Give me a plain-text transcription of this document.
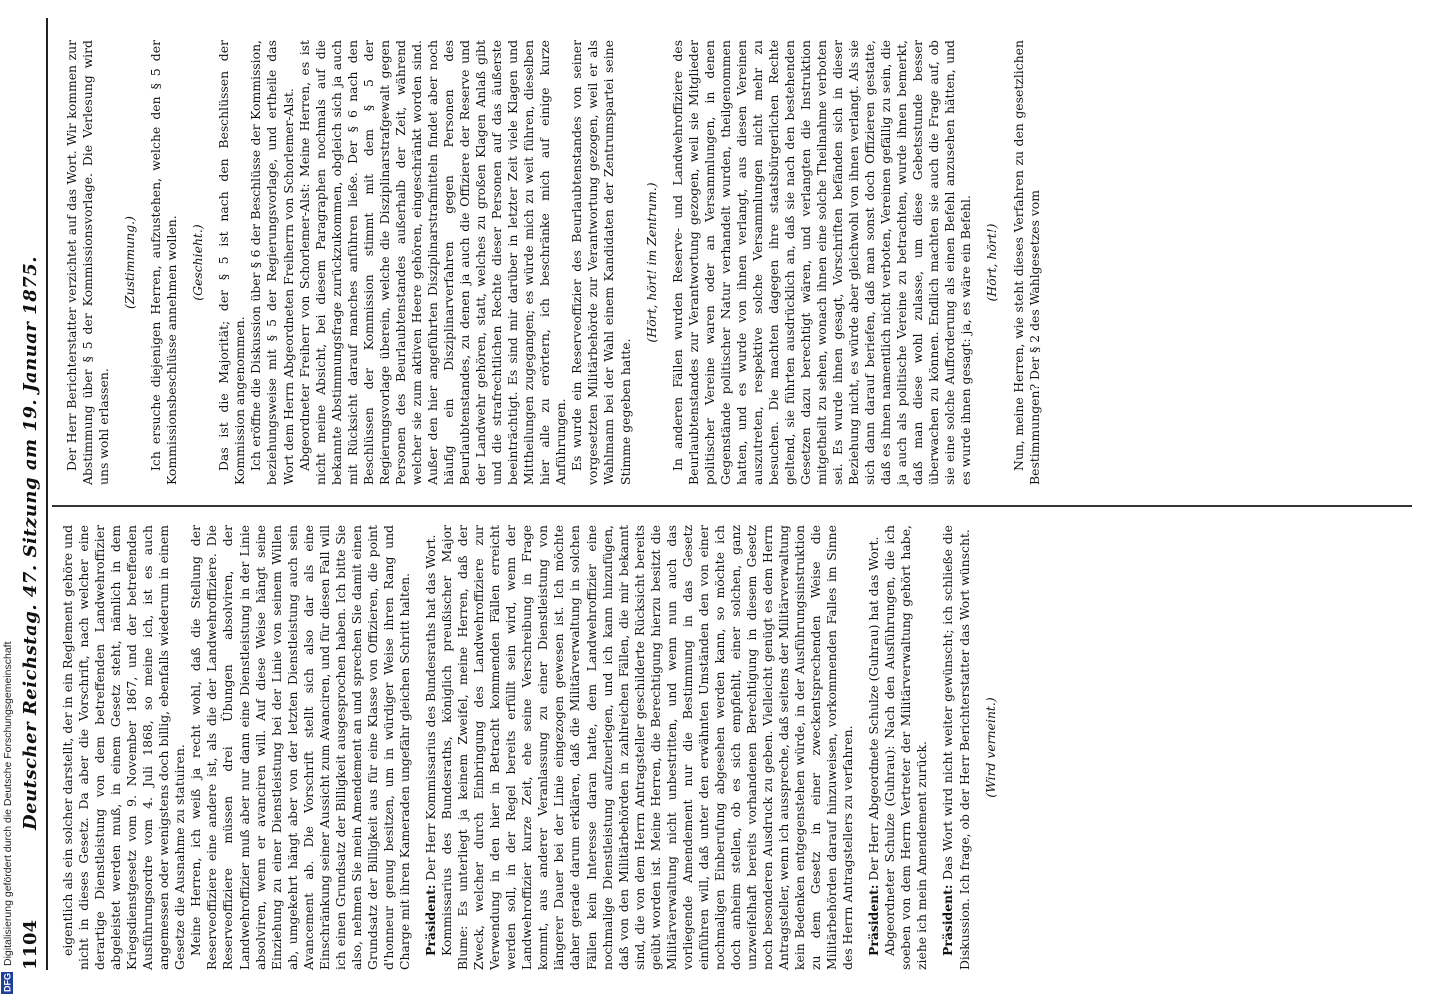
1104
Deutscher Reichstag. 47. Sitzung am 19. Januar 1875. eigentlich als ein solcher darstellt, der in ein Reglement gehöre und nicht in dieses Gesetz. Da aber die Vorschrift, nach welcher eine derartige Dienstleistung von dem betreffenden Landwehroffizier abgeleistet werden muß, in einem Gesetz steht, nämlich in dem Kriegsdienstgesetz vom 9. November 1867, und der betreffenden Ausführungsordre vom 4. Juli 1868, so meine ich, ist es auch angemessen oder wenigstens doch billig, ebenfalls wiederum in einem Gesetze die Ausnahme zu statuiren. Meine Herren, ich weiß ja recht wohl, daß die Stellung der Reserveoffiziere eine andere ist, als die der Landwehroffiziere. Die Reserveoffiziere müssen drei Übungen absolviren, der Landwehroffizier muß aber nur dann eine Dienstleistung in der Linie absolviren, wenn er avanciren will. Auf diese Weise hängt seine Einziehung zu einer Dienstleistung bei der Linie von seinem Willen ab, umgekehrt hängt aber von der letzten Dienstleistung auch sein Avancement ab. Die Vorschrift stellt sich also dar als eine Einschränkung seiner Aussicht zum Avanciren, und für diesen Fall will ich einen Grundsatz der Billigkeit ausgesprochen haben. Ich bitte Sie also, nehmen Sie mein Amendement an und sprechen Sie damit einen Grundsatz der Billigkeit aus für eine Klasse von Offizieren, die point d'honneur genug besitzen, um in würdiger Weise ihren Rang und Charge mit ihren Kameraden ungefähr gleichen Schritt halten. Präsident: Der Herr Kommissarius des Bundesraths hat das Wort. Kommissarius des Bundesraths, königlich preußischer Major Blume: Es unterliegt ja keinem Zweifel, meine Herren, daß der Zweck, welcher durch Einbringung des Landwehroffiziere zur Verwendung in den hier in Betracht kommenden Fällen erreicht werden soll, in der Regel bereits erfüllt sein wird, wenn der Landwehroffizier kurze Zeit, ehe seine Verschreibung in Frage kommt, aus anderer Veranlassung zu einer Dienstleistung von längerer Dauer bei der Linie eingezogen gewesen ist. Ich möchte daher gerade darum erklären, daß die Militärverwaltung in solchen Fällen kein Interesse daran hatte, dem Landwehroffizier eine nochmalige Dienstleistung aufzuerlegen, und ich kann hinzufügen, daß von den Militärbehörden in zahlreichen Fällen, die mir bekannt sind, die von dem Herrn Antragsteller geschilderte Rücksicht bereits geübt worden ist. Meine Herren, die Berechtigung hierzu besitzt die Militärverwaltung nicht unbestritten, und wenn nun auch das vorliegende Amendement nur die Bestimmung in das Gesetz einführen will, daß unter den erwähnten Umständen den von einer nochmaligen Einberufung abgesehen werden kann, so möchte ich doch anheim stellen, ob es sich empfiehlt, einer solchen, ganz unzweifelhaft bereits vorhandenen Berechtigung in diesem Gesetz noch besonderen Ausdruck zu geben. Vielleicht genügt es dem Herrn Antragsteller, wenn ich ausspreche, daß seitens der Militärverwaltung kein Bedenken entgegenstehen würde, in der Ausführungsinstruktion zu dem Gesetz in einer zweckentsprechenden Weise die Militärbehörden darauf hinzuweisen, vorkommenden Falles im Sinne des Herrn Antragstellers zu verfahren. Präsident: Der Herr Abgeordnete Schulze (Guhrau) hat das Wort. Abgeordneter Schulze (Guhrau): Nach den Ausführungen, die ich soeben von dem Herrn Vertreter der Militärverwaltung gehört habe, ziehe ich mein Amendement zurück. Präsident: Das Wort wird nicht weiter gewünscht; ich schließe die Diskussion. Ich frage, ob der Herr Berichterstatter das Wort wünscht. (Wird verneint.)

Der Herr Berichterstatter verzichtet auf das Wort. Wir kommen zur Abstimmung über § 5 der Kommissionsvorlage. Die Verlesung wird uns wohl erlassen.

(Zustimmung.) Ich ersuche diejenigen Herren, aufzustehen, welche den § 5 der Kommissionsbeschlüsse annehmen wollen. (Geschieht.) Das ist die Majorität; der § 5 ist nach den Beschlüssen der Kommission angenommen. Ich eröffne die Diskussion über § 6 der Beschlüsse der Kommission, beziehungsweise mit § 5 der Regierungsvorlage, und ertheile das Wort dem Herrn Abgeordneten Freiherrn von Schorlemer-Alst. Abgeordneter Freiherr von Schorlemer-Alst: Meine Herren, es ist nicht meine Absicht, bei diesem Paragraphen nochmals auf die bekannte Abstimmungsfrage zurückzukommen, obgleich sich ja auch mit Rücksicht darauf manches anführen ließe. Der § 6 nach den Beschlüssen der Kommission stimmt mit dem § 5 der Regierungsvorlage überein, welche die Disziplinarstrafgewalt gegen Personen des Beurlaubtenstandes außerhalb der Zeit, während welcher sie zum aktiven Heere gehören, eingeschränkt worden sind. Außer den hier angeführten Disziplinarstrafmitteln findet aber noch häufig ein Disziplinarverfahren gegen Personen des Beurlaubtenstandes, zu denen ja auch die Offiziere der Reserve und der Landwehr gehören, statt, welches zu großen Klagen Anlaß gibt und die strafrechtlichen Rechte dieser Personen auf das äußerste beeinträchtigt. Es sind mir darüber in letzter Zeit viele Klagen und Mittheilungen zugegangen; es würde mich zu weit führen, dieselben hier alle zu erörtern, ich beschränke mich auf einige kurze Anführungen. Es wurde ein Reserveoffizier des Beurlaubtenstandes von seiner vorgesetzten Militärbehörde zur Verantwortung gezogen, weil er als Wahlmann bei der Wahl einem Kandidaten der Zentrumspartei seine Stimme gegeben hatte.

(Hört, hört! im Zentrum.) In anderen Fällen wurden Reserve- und Landwehroffiziere des Beurlaubtenstandes zur Verantwortung gezogen, weil sie Mitglieder politischer Vereine waren oder an Versammlungen, in denen Gegenstände politischer Natur verhandelt wurden, theilgenommen hatten, und es wurde von ihnen verlangt, aus diesen Vereinen auszutreten, respektive solche Versammlungen nicht mehr zu besuchen. Die machten dagegen ihre staatsbürgerlichen Rechte geltend, sie führten ausdrücklich an, daß sie nach den bestehenden Gesetzen dazu berechtigt wären, und verlangten die Instruktion mitgetheilt zu sehen, wonach ihnen eine solche Theilnahme verboten sei. Es wurde ihnen gesagt, Vorschriften befänden sich in dieser Beziehung nicht, es würde aber gleichwohl von ihnen verlangt. Als sie sich dann darauf beriefen, daß man sonst doch Offizieren gestatte, daß es ihnen namentlich nicht verboten, Vereinen gefällig zu sein, die ja auch als politische Vereine zu betrachten, wurde ihnen bemerkt, daß man diese wohl zulasse, um diese Gebetsstunde besser überwachen zu können. Endlich machten sie auch die Frage auf, ob sie eine solche Aufforderung als einen Befehl anzusehen hätten, und es wurde ihnen gesagt: ja, es wäre ein Befehl. (Hört, hört!) Nun, meine Herren, wie steht dieses Verfahren zu den gesetzlichen Bestimmungen? Der § 2 des Wahlgesetzes vom

DFG
Digitalisierung gefördert durch die Deutsche Forschungsgemeinschaft
